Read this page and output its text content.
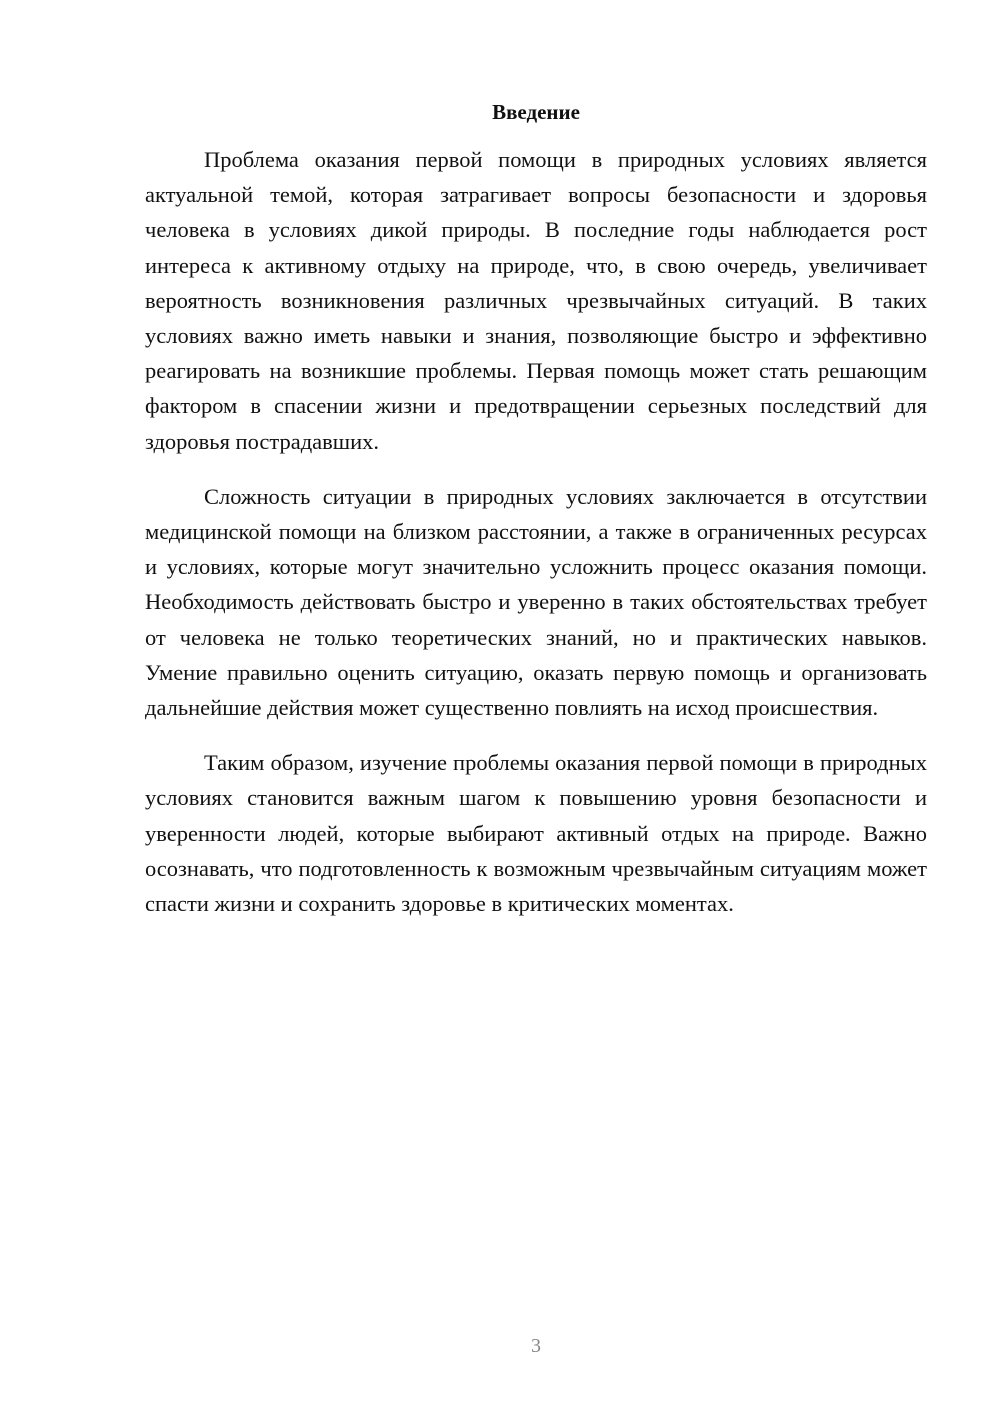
Введение

Проблема оказания первой помощи в природных условиях является актуальной темой, которая затрагивает вопросы безопасности и здоровья человека в условиях дикой природы. В последние годы наблюдается рост интереса к активному отдыху на природе, что, в свою очередь, увеличивает вероятность возникновения различных чрезвычайных ситуаций. В таких условиях важно иметь навыки и знания, позволяющие быстро и эффективно реагировать на возникшие проблемы. Первая помощь может стать решающим фактором в спасении жизни и предотвращении серьезных последствий для здоровья пострадавших.

Сложность ситуации в природных условиях заключается в отсутствии медицинской помощи на близком расстоянии, а также в ограниченных ресурсах и условиях, которые могут значительно усложнить процесс оказания помощи. Необходимость действовать быстро и уверенно в таких обстоятельствах требует от человека не только теоретических знаний, но и практических навыков. Умение правильно оценить ситуацию, оказать первую помощь и организовать дальнейшие действия может существенно повлиять на исход происшествия.

Таким образом, изучение проблемы оказания первой помощи в природных условиях становится важным шагом к повышению уровня безопасности и уверенности людей, которые выбирают активный отдых на природе. Важно осознавать, что подготовленность к возможным чрезвычайным ситуациям может спасти жизни и сохранить здоровье в критических моментах.

3
